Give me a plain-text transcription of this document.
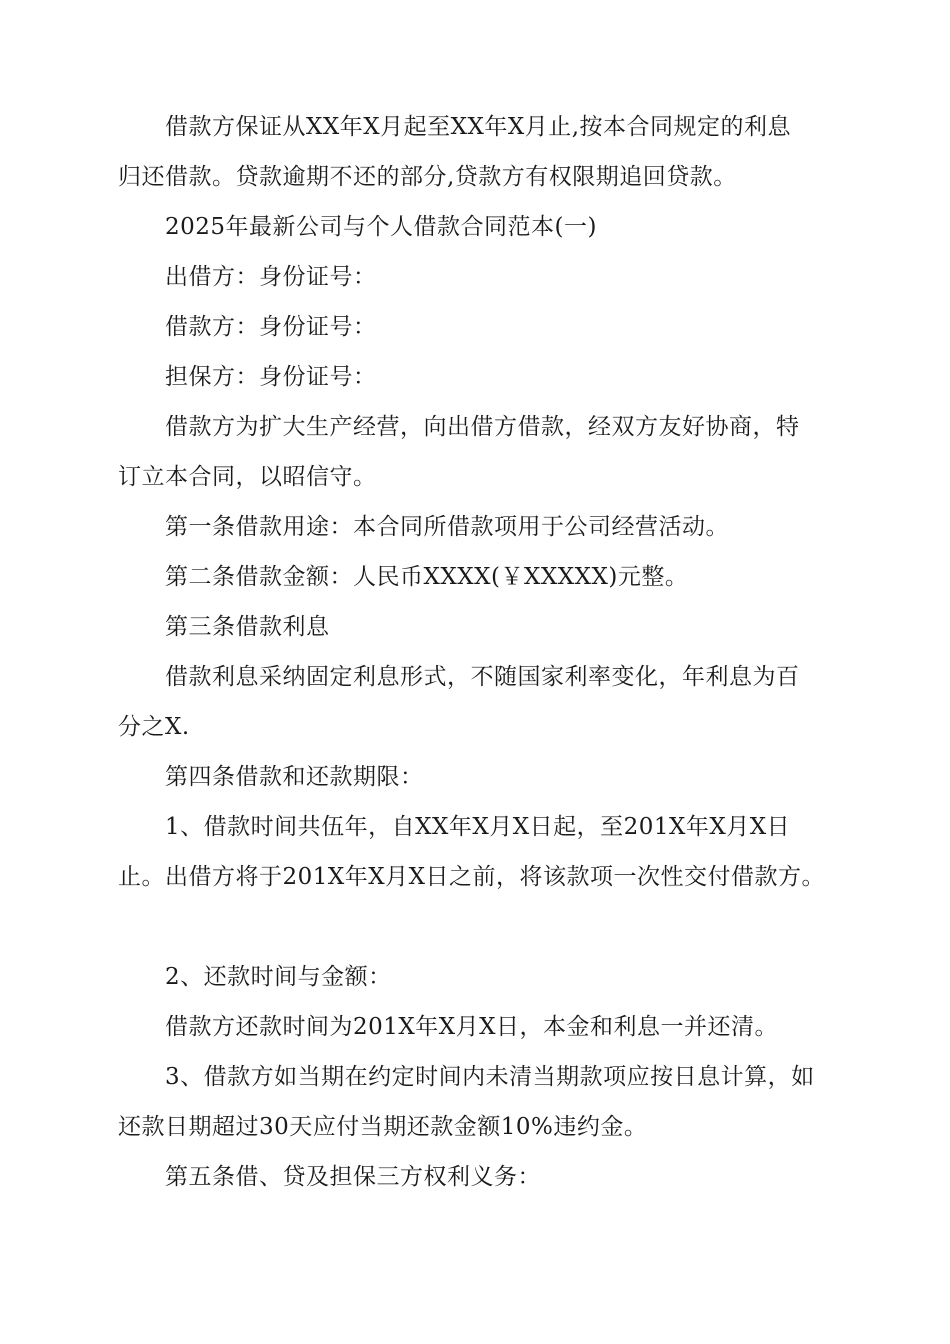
　　借款方保证从XX年X月起至XX年X月止,按本合同规定的利息

归还借款。贷款逾期不还的部分,贷款方有权限期追回贷款。

　　2025年最新公司与个人借款合同范本(一)

　　出借方：身份证号：

　　借款方：身份证号：

　　担保方：身份证号：

　　借款方为扩大生产经营，向出借方借款，经双方友好协商，特

订立本合同，以昭信守。

　　第一条借款用途：本合同所借款项用于公司经营活动。

　　第二条借款金额：人民币XXXX(￥XXXXX)元整。

　　第三条借款利息

　　借款利息采纳固定利息形式，不随国家利率变化，年利息为百

分之X.

　　第四条借款和还款期限：

　　1、借款时间共伍年，自XX年X月X日起，至201X年X月X日

止。出借方将于201X年X月X日之前，将该款项一次性交付借款方。

　　2、还款时间与金额：

　　借款方还款时间为201X年X月X日，本金和利息一并还清。

　　3、借款方如当期在约定时间内未清当期款项应按日息计算，如

还款日期超过30天应付当期还款金额10%违约金。

　　第五条借、贷及担保三方权利义务：
